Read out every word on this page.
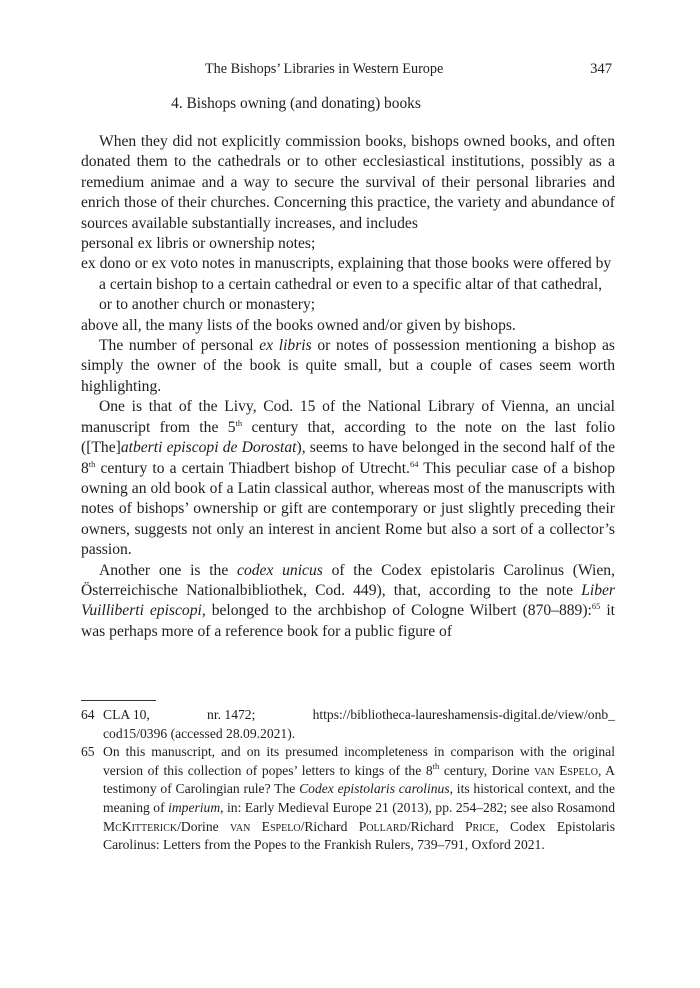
The Bishops’ Libraries in Western Europe	347
4. Bishops owning (and donating) books

When they did not explicitly commission books, bishops owned books, and often donated them to the cathedrals or to other ecclesiastical institutions, possibly as a remedium animae and a way to secure the survival of their personal libraries and enrich those of their churches. Concerning this practice, the variety and abundance of sources available substantially increases, and includes

personal ex libris or ownership notes;

ex dono or ex voto notes in manuscripts, explaining that those books were offered by a certain bishop to a certain cathedral or even to a specific altar of that cathedral, or to another church or monastery;

above all, the many lists of the books owned and/or given by bishops.

The number of personal ex libris or notes of possession mentioning a bishop as simply the owner of the book is quite small, but a couple of cases seem worth highlighting.

One is that of the Livy, Cod. 15 of the National Library of Vienna, an uncial manuscript from the 5th century that, according to the note on the last folio ([The]atberti episcopi de Dorostat), seems to have belonged in the second half of the 8th century to a certain Thiadbert bishop of Utrecht.$^{64}$ This peculiar case of a bishop owning an old book of a Latin classical author, whereas most of the manuscripts with notes of bishops’ ownership or gift are contemporary or just slightly preceding their owners, suggests not only an interest in ancient Rome but also a sort of a collector’s passion.

Another one is the codex unicus of the Codex epistolaris Carolinus (Wien, Österreichische Nationalbibliothek, Cod. 449), that, according to the note Liber Vuilliberti episcopi, belonged to the archbishop of Cologne Wilbert (870–889):$^{65}$ it was perhaps more of a reference book for a public figure of

64 CLA 10,	nr. 1472;	https://bibliotheca-laureshamensis-digital.de/view/onb_
cod15/0396 (accessed 28.09.2021).

65 On this manuscript, and on its presumed incompleteness in comparison with the original version of this collection of popes’ letters to kings of the 8th century, Dorine van Espelo, A testimony of Carolingian rule? The Codex epistolaris carolinus, its historical context, and the meaning of imperium, in: Early Medieval Europe 21 (2013), pp. 254–282; see also Rosamond McKitterick/Dorine van Espelo/Richard Pollard/Richard Price, Codex Epistolaris Carolinus: Letters from the Popes to the Frankish Rulers, 739–791, Oxford 2021.
